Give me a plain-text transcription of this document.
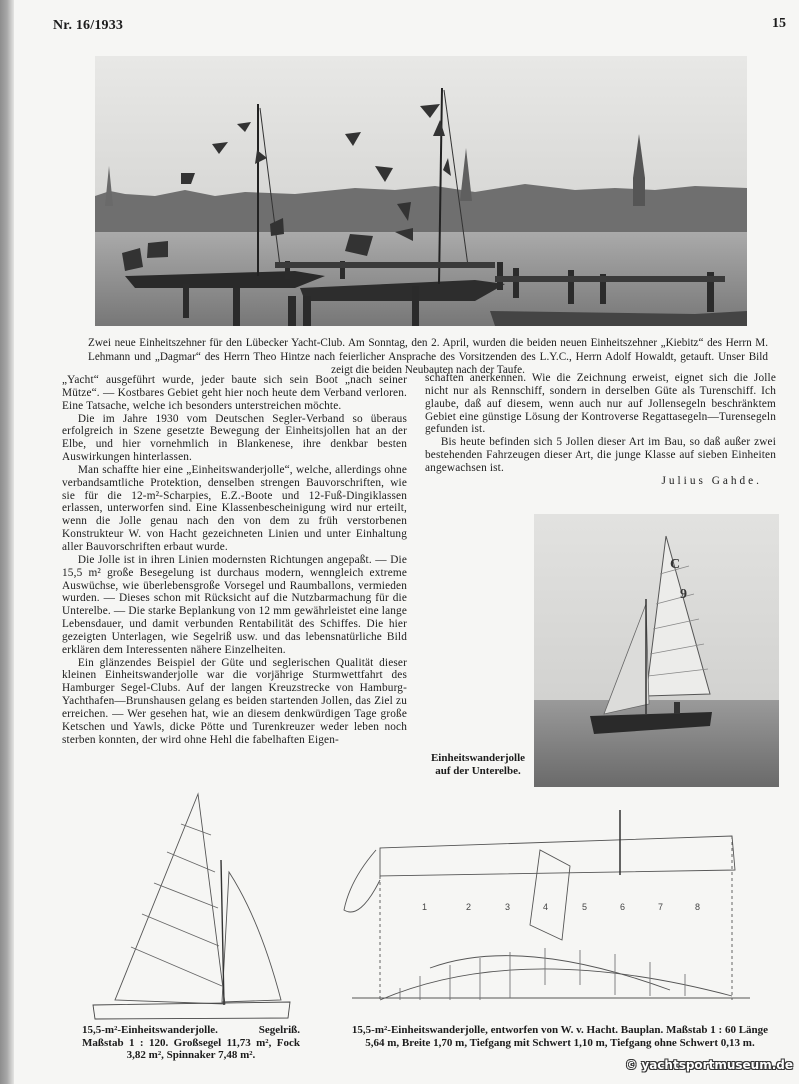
Nr. 16/1933	15
Zwei neue Einheitszehner für den Lübecker Yacht-Club. Am Sonntag, den 2. April, wurden die beiden neuen Einheitszehner „Kiebitz“ des Herrn M. Lehmann und „Dagmar“ des Herrn Theo Hintze nach feierlicher Ansprache des Vorsitzenden des L.Y.C., Herrn Adolf Howaldt, getauft. Unser Bild zeigt die beiden Neubauten nach der Taufe.

„Yacht“ ausgeführt wurde, jeder baute sich sein Boot „nach seiner Mütze“. — Kostbares Gebiet geht hier noch heute dem Verband verloren. Eine Tatsache, welche ich besonders unterstreichen möchte.

Die im Jahre 1930 vom Deutschen Segler-Verband so überaus erfolgreich in Szene gesetzte Bewegung der Einheitsjollen hat an der Elbe, und hier vornehmlich in Blankenese, ihre denkbar besten Auswirkungen hinterlassen.

Man schaffte hier eine „Einheitswanderjolle“, welche, allerdings ohne verbandsamtliche Protektion, denselben strengen Bauvorschriften, wie sie für die 12-m²-Scharpies, E.Z.-Boote und 12-Fuß-Dingiklassen erlassen, unterworfen sind. Eine Klassenbescheinigung wird nur erteilt, wenn die Jolle genau nach den von dem zu früh verstorbenen Konstrukteur W. von Hacht gezeichneten Linien und unter Einhaltung aller Bauvorschriften erbaut wurde.

Die Jolle ist in ihren Linien modernsten Richtungen angepaßt. — Die 15,5 m² große Besegelung ist durchaus modern, wenngleich extreme Auswüchse, wie überlebensgroße Vorsegel und Raumballons, vermieden wurden. — Dieses schon mit Rücksicht auf die Nutzbarmachung für die Unterelbe. — Die starke Beplankung von 12 mm gewährleistet eine lange Lebensdauer, und damit verbunden Rentabilität des Schiffes. Die hier gezeigten Unterlagen, wie Segelriß usw. und das lebensnatürliche Bild erklären dem Interessenten nähere Einzelheiten.

Ein glänzendes Beispiel der Güte und seglerischen Qualität dieser kleinen Einheitswanderjolle war die vorjährige Sturmwettfahrt des Hamburger Segel-Clubs. Auf der langen Kreuzstrecke von Hamburg-Yachthafen—Brunshausen gelang es beiden startenden Jollen, das Ziel zu erreichen. — Wer gesehen hat, wie an diesem denkwürdigen Tage große Ketschen und Yawls, dicke Pötte und Turenkreuzer weder leben noch sterben konnten, der wird ohne Hehl die fabelhaften Eigen-

schaften anerkennen. Wie die Zeichnung erweist, eignet sich die Jolle nicht nur als Rennschiff, sondern in derselben Güte als Turenschiff. Ich glaube, daß auf diesem, wenn auch nur auf Jollensegeln beschränktem Gebiet eine günstige Lösung der Kontroverse Regattasegeln—Turensegeln gefunden ist.

Bis heute befinden sich 5 Jollen dieser Art im Bau, so daß außer zwei bestehenden Fahrzeugen dieser Art, die junge Klasse auf sieben Einheiten angewachsen ist.

Julius Gahde.

C
9
Einheitswanderjolle auf der Unterelbe.
1	2	3	4	5	6	7	8
15,5-m²-Einheitswanderjolle. Segelriß. Maßstab 1 : 120. Großsegel 11,73 m², Fock 3,82 m², Spinnaker 7,48 m².
15,5-m²-Einheitswanderjolle, entworfen von W. v. Hacht. Bauplan. Maßstab 1 : 60 Länge 5,64 m, Breite 1,70 m, Tiefgang mit Schwert 1,10 m, Tiefgang ohne Schwert 0,13 m.
© yachtsportmuseum.de
